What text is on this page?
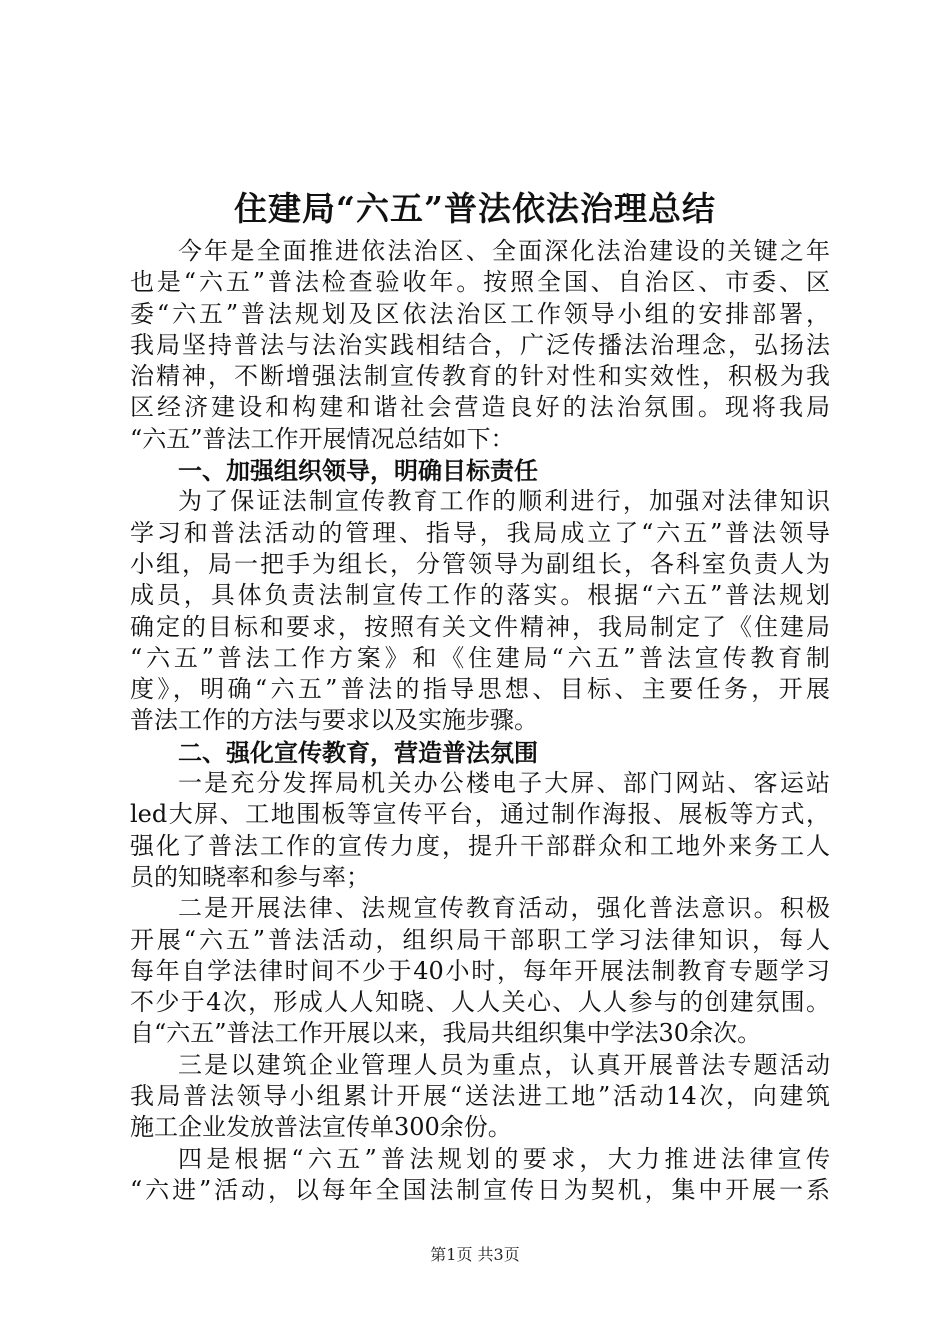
住建局“六五”普法依法治理总结
今年是全面推进依法治区、全面深化法治建设的关键之年
也是“六五”普法检查验收年。按照全国、自治区、市委、区
委“六五”普法规划及区依法治区工作领导小组的安排部署，
我局坚持普法与法治实践相结合，广泛传播法治理念，弘扬法
治精神，不断增强法制宣传教育的针对性和实效性，积极为我
区经济建设和构建和谐社会营造良好的法治氛围。现将我局
“六五”普法工作开展情况总结如下：
一、加强组织领导，明确目标责任
为了保证法制宣传教育工作的顺利进行，加强对法律知识
学习和普法活动的管理、指导，我局成立了“六五”普法领导
小组，局一把手为组长，分管领导为副组长，各科室负责人为
成员，具体负责法制宣传工作的落实。根据“六五”普法规划
确定的目标和要求，按照有关文件精神，我局制定了《住建局
“六五”普法工作方案》和《住建局“六五”普法宣传教育制
度》，明确“六五”普法的指导思想、目标、主要任务，开展
普法工作的方法与要求以及实施步骤。
二、强化宣传教育，营造普法氛围
一是充分发挥局机关办公楼电子大屏、部门网站、客运站
led大屏、工地围板等宣传平台，通过制作海报、展板等方式，
强化了普法工作的宣传力度，提升干部群众和工地外来务工人
员的知晓率和参与率；
二是开展法律、法规宣传教育活动，强化普法意识。积极
开展“六五”普法活动，组织局干部职工学习法律知识，每人
每年自学法律时间不少于40小时，每年开展法制教育专题学习
不少于4次，形成人人知晓、人人关心、人人参与的创建氛围。
自“六五”普法工作开展以来，我局共组织集中学法30余次。
三是以建筑企业管理人员为重点，认真开展普法专题活动
我局普法领导小组累计开展“送法进工地”活动14次，向建筑
施工企业发放普法宣传单300余份。
四是根据“六五”普法规划的要求，大力推进法律宣传
“六进”活动，以每年全国法制宣传日为契机，集中开展一系
第1页 共3页
